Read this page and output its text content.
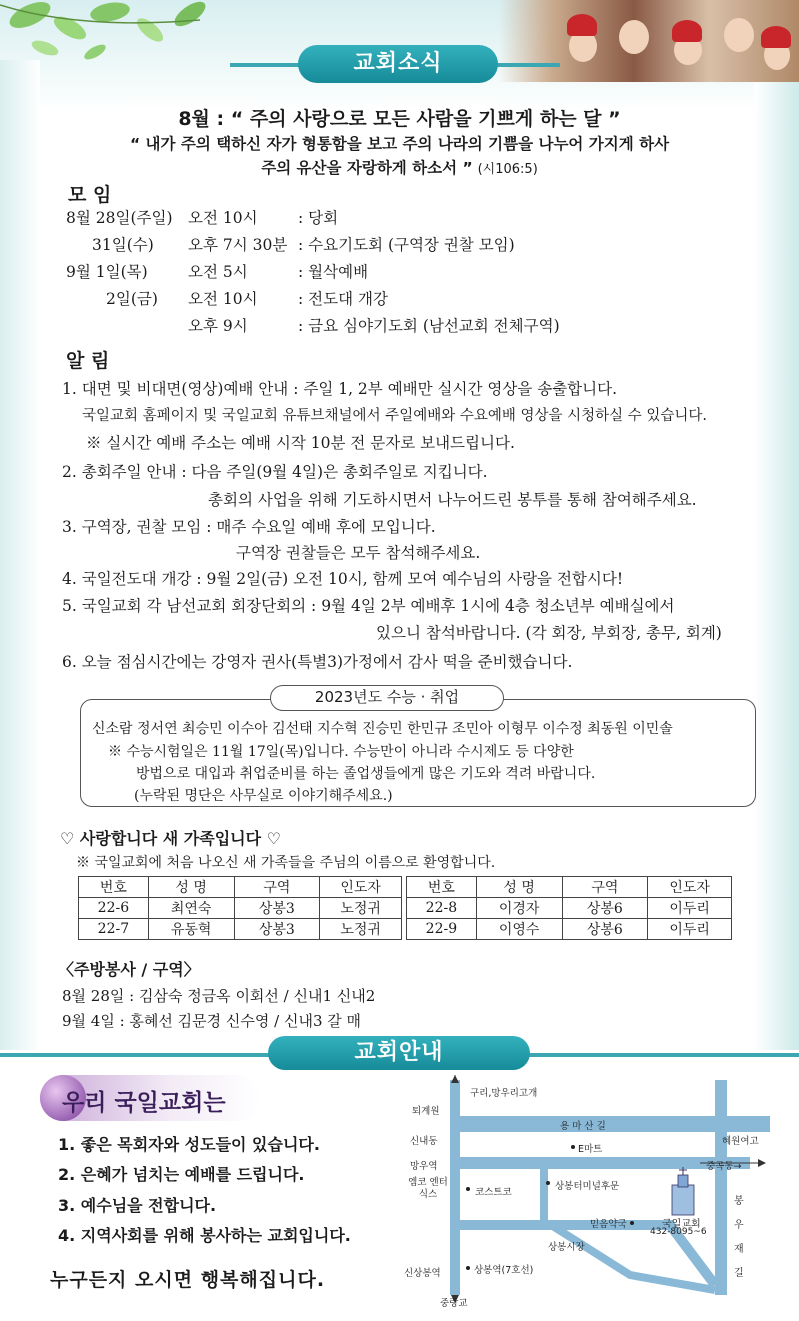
교회소식
8월 : “ 주의 사랑으로 모든 사람을 기쁘게 하는 달 ”
“ 내가 주의 택하신 자가 형통함을 보고 주의 나라의 기쁨을 나누어 가지게 하사
주의 유산을 자랑하게 하소서 ” (시106:5)
모 임
8월 28일(주일) 오전 10시	: 당회
31일(수) 오후 7시 30분 : 수요기도회 (구역장 권찰 모임)
9월 1일(목)	오전 5시	: 월삭예배
2일(금) 오전 10시	: 전도대 개강
오후 9시	: 금요 심야기도회 (남선교회 전체구역)
알 림
1. 대면 및 비대면(영상)예배 안내 : 주일 1, 2부 예배만 실시간 영상을 송출합니다.
국일교회 홈페이지 및 국일교회 유튜브채널에서 주일예배와 수요예배 영상을 시청하실 수 있습니다.
※ 실시간 예배 주소는 예배 시작 10분 전 문자로 보내드립니다.
2. 총회주일 안내 : 다음 주일(9월 4일)은 총회주일로 지킵니다.
총회의 사업을 위해 기도하시면서 나누어드린 봉투를 통해 참여해주세요.
3. 구역장, 권찰 모임 : 매주 수요일 예배 후에 모입니다.
구역장 권찰들은 모두 참석해주세요.
4. 국일전도대 개강 : 9월 2일(금) 오전 10시, 함께 모여 예수님의 사랑을 전합시다!
5. 국일교회 각 남선교회 회장단회의 : 9월 4일 2부 예배후 1시에 4층 청소년부 예배실에서
있으니 참석바랍니다. (각 회장, 부회장, 총무, 회계)
6. 오늘 점심시간에는 강영자 권사(특별3)가정에서 감사 떡을 준비했습니다.
2023년도 수능 · 취업
신소람 정서연 최승민 이수아 김선태 지수혁 진승민 한민규 조민아 이형무 이수정 최동원 이민솔
※ 수능시험일은 11월 17일(목)입니다. 수능만이 아니라 수시제도 등 다양한
방법으로 대입과 취업준비를 하는 졸업생들에게 많은 기도와 격려 바랍니다.
(누락된 명단은 사무실로 이야기해주세요.)
♡ 사랑합니다 새 가족입니다 ♡
※ 국일교회에 처음 나오신 새 가족들을 주님의 이름으로 환영합니다.
번호	성 명	구역	인도자
22-6	최연숙	상봉3	노정귀
22-7	유동혁	상봉3	노정귀
번호	성 명	구역	인도자
22-8	이경자	상봉6	이두리
22-9	이영수	상봉6	이두리
〈주방봉사 / 구역〉
8월 28일 : 김삼숙 정금옥 이회선 / 신내1 신내2
9월 4일 : 홍혜선 김문경 신수영 / 신내3 갈 매
교회안내
우리 국일교회는
1. 좋은 목회자와 성도들이 있습니다.
2. 은혜가 넘치는 예배를 드립니다.
3. 예수님을 전합니다.
4. 지역사회를 위해 봉사하는 교회입니다.
누구든지 오시면 행복해집니다.
구리,망우리고개
용 마 산 길
퇴계원
신내동
망우역
엠코 엔터식스
신상봉역
중랑교
E마트
혜원여고
중곡동→
코스트코
상봉터미널후문
믿음약국
상봉시장
상봉역(7호선)
국일교회
432-8095~6
봉 우 재 길
